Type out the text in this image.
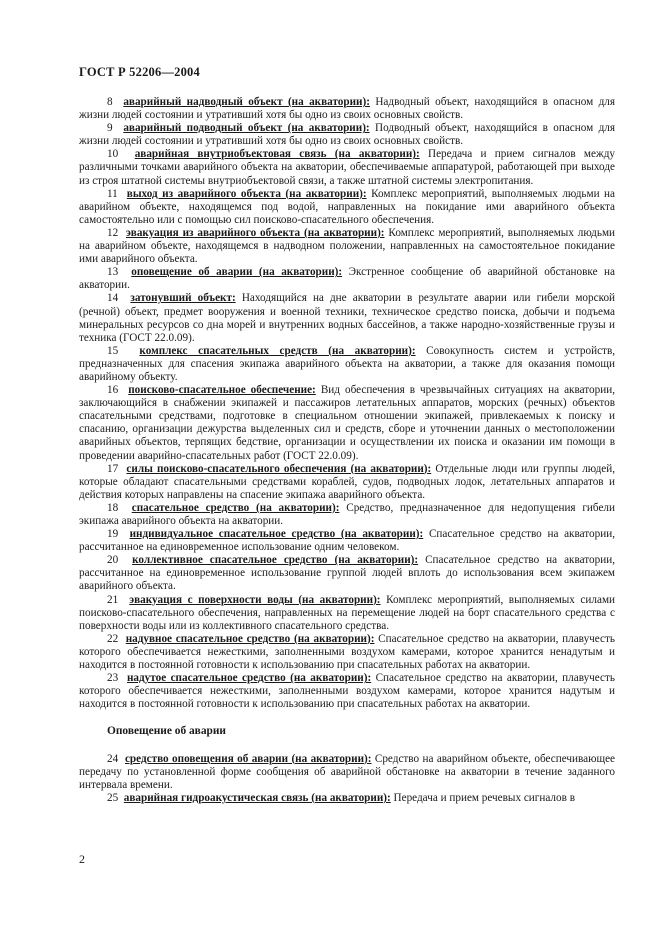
ГОСТ Р 52206—2004

8 аварийный надводный объект (на акватории): Надводный объект, находящийся в опасном для жизни людей состоянии и утративший хотя бы одно из своих основных свойств.

9 аварийный подводный объект (на акватории): Подводный объект, находящийся в опасном для жизни людей состоянии и утративший хотя бы одно из своих основных свойств.

10 аварийная внутриобъектовая связь (на акватории): Передача и прием сигналов между различными точками аварийного объекта на акватории, обеспечиваемые аппаратурой, работающей при выходе из строя штатной системы внутриобъектовой связи, а также штатной системы электропитания.

11 выход из аварийного объекта (на акватории): Комплекс мероприятий, выполняемых людьми на аварийном объекте, находящемся под водой, направленных на покидание ими аварийного объекта самостоятельно или с помощью сил поисково-спасательного обеспечения.

12 эвакуация из аварийного объекта (на акватории): Комплекс мероприятий, выполняемых людьми на аварийном объекте, находящемся в надводном положении, направленных на самостоятельное покидание ими аварийного объекта.

13 оповещение об аварии (на акватории): Экстренное сообщение об аварийной обстановке на акватории.

14 затонувший объект: Находящийся на дне акватории в результате аварии или гибели морской (речной) объект, предмет вооружения и военной техники, техническое средство поиска, добычи и подъема минеральных ресурсов со дна морей и внутренних водных бассейнов, а также народно-хозяйственные грузы и техника (ГОСТ 22.0.09).

15 комплекс спасательных средств (на акватории): Совокупность систем и устройств, предназначенных для спасения экипажа аварийного объекта на акватории, а также для оказания помощи аварийному объекту.

16 поисково-спасательное обеспечение: Вид обеспечения в чрезвычайных ситуациях на акватории, заключающийся в снабжении экипажей и пассажиров летательных аппаратов, морских (речных) объектов спасательными средствами, подготовке в специальном отношении экипажей, привлекаемых к поиску и спасанию, организации дежурства выделенных сил и средств, сборе и уточнении данных о местоположении аварийных объектов, терпящих бедствие, организации и осуществлении их поиска и оказании им помощи в проведении аварийно-спасательных работ (ГОСТ 22.0.09).

17 силы поисково-спасательного обеспечения (на акватории): Отдельные люди или группы людей, которые обладают спасательными средствами кораблей, судов, подводных лодок, летательных аппаратов и действия которых направлены на спасение экипажа аварийного объекта.

18 спасательное средство (на акватории): Средство, предназначенное для недопущения гибели экипажа аварийного объекта на акватории.

19 индивидуальное спасательное средство (на акватории): Спасательное средство на акватории, рассчитанное на единовременное использование одним человеком.

20 коллективное спасательное средство (на акватории): Спасательное средство на акватории, рассчитанное на единовременное использование группой людей вплоть до использования всем экипажем аварийного объекта.

21 эвакуация с поверхности воды (на акватории): Комплекс мероприятий, выполняемых силами поисково-спасательного обеспечения, направленных на перемещение людей на борт спасательного средства с поверхности воды или из коллективного спасательного средства.

22 надувное спасательное средство (на акватории): Спасательное средство на акватории, плавучесть которого обеспечивается нежесткими, заполненными воздухом камерами, которое хранится ненадутым и находится в постоянной готовности к использованию при спасательных работах на акватории.

23 надутое спасательное средство (на акватории): Спасательное средство на акватории, плавучесть которого обеспечивается нежесткими, заполненными воздухом камерами, которое хранится надутым и находится в постоянной готовности к использованию при спасательных работах на акватории.

Оповещение об аварии

24 средство оповещения об аварии (на акватории): Средство на аварийном объекте, обеспечивающее передачу по установленной форме сообщения об аварийной обстановке на акватории в течение заданного интервала времени.

25 аварийная гидроакустическая связь (на акватории): Передача и прием речевых сигналов в

2
